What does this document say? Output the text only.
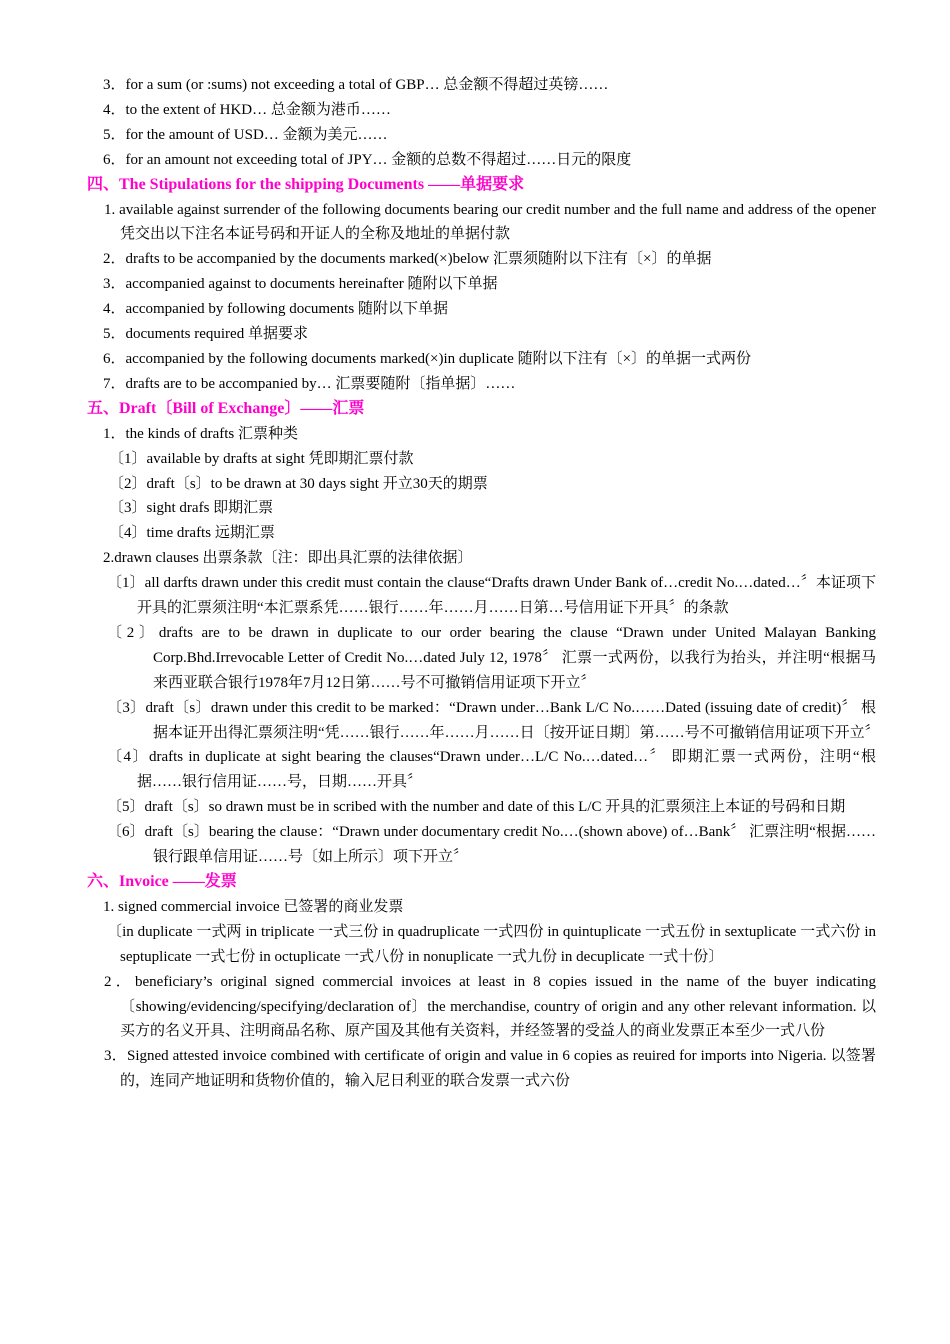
3．for a sum (or :sums) not exceeding a total of GBP… 总金额不得超过英镑……
4．to the extent of HKD… 总金额为港币……
5．for the amount of USD… 金额为美元……
6．for an amount not exceeding total of JPY… 金额的总数不得超过……日元的限度
四、The Stipulations for the shipping Documents ——单据要求
1. available against surrender of the following documents bearing our credit number and the full name and address of the opener 凭交出以下注名本证号码和开证人的全称及地址的单据付款
2．drafts to be accompanied by the documents marked(×)below 汇票须随附以下注有〔×〕的单据
3．accompanied against to documents hereinafter 随附以下单据
4．accompanied by following documents 随附以下单据
5．documents required 单据要求
6．accompanied by the following documents marked(×)in duplicate 随附以下注有〔×〕的单据一式两份
7．drafts are to be accompanied by… 汇票要随附〔指单据〕……
五、Draft〔Bill of Exchange〕——汇票
1．the kinds of drafts 汇票种类
〔1〕available by drafts at sight 凭即期汇票付款
〔2〕draft〔s〕to be drawn at 30 days sight 开立30天的期票
〔3〕sight drafs 即期汇票
〔4〕time drafts 远期汇票
2.drawn clauses 出票条款〔注：即出具汇票的法律依据〕
〔1〕all darfts drawn under this credit must contain the clause“Drafts drawn Under Bank of…credit No.…dated…〞本证项下开具的汇票须注明“本汇票系凭……银行……年……月……日第…号信用证下开具〞的条款
〔2〕drafts are to be drawn in duplicate to our order bearing the clause “Drawn under United Malayan Banking Corp.Bhd.Irrevocable Letter of Credit No.…dated July 12, 1978〞 汇票一式两份，以我行为抬头，并注明“根据马来西亚联合银行1978年7月12日第……号不可撤销信用证项下开立〞
〔3〕draft〔s〕drawn under this credit to be marked：“Drawn under…Bank L/C No.……Dated (issuing date of credit)〞 根据本证开出得汇票须注明“凭……银行……年……月……日〔按开证日期〕第……号不可撤销信用证项下开立〞
〔4〕drafts in duplicate at sight bearing the clauses“Drawn under…L/C No.…dated…〞 即期汇票一式两份，注明“根据……银行信用证……号，日期……开具〞
〔5〕draft〔s〕so drawn must be in scribed with the number and date of this L/C 开具的汇票须注上本证的号码和日期
〔6〕draft〔s〕bearing the clause：“Drawn under documentary credit No.…(shown above) of…Bank〞 汇票注明“根据……银行跟单信用证……号〔如上所示〕项下开立〞
六、Invoice ——发票
1. signed commercial invoice 已签署的商业发票
〔in duplicate 一式两 in triplicate 一式三份 in quadruplicate 一式四份 in quintuplicate 一式五份 in sextuplicate 一式六份 in septuplicate 一式七份 in octuplicate 一式八份 in nonuplicate 一式九份 in decuplicate 一式十份〕
2．beneficiary’s original signed commercial invoices at least in 8 copies issued in the name of the buyer indicating〔showing/evidencing/specifying/declaration of〕the merchandise, country of origin and any other relevant information. 以买方的名义开具、注明商品名称、原产国及其他有关资料，并经签署的受益人的商业发票正本至少一式八份
3．Signed attested invoice combined with certificate of origin and value in 6 copies as reuired for imports into Nigeria. 以签署的，连同产地证明和货物价值的，输入尼日利亚的联合发票一式六份
